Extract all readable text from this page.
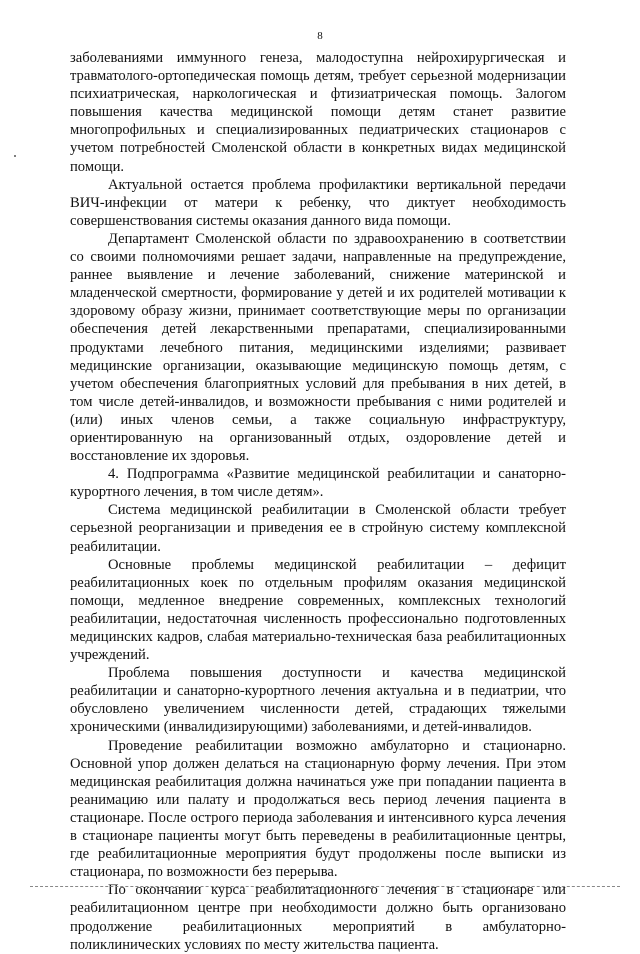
8

заболеваниями иммунного генеза, малодоступна нейрохирургическая и травматолого-ортопедическая помощь детям, требует серьезной модернизации психиатрическая, наркологическая и фтизиатрическая помощь. Залогом повышения качества медицинской помощи детям станет развитие многопрофильных и специализированных педиатрических стационаров с учетом потребностей Смоленской области в конкретных видах медицинской помощи.

Актуальной остается проблема профилактики вертикальной передачи ВИЧ-инфекции от матери к ребенку, что диктует необходимость совершенствования системы оказания данного вида помощи.

Департамент Смоленской области по здравоохранению в соответствии со своими полномочиями решает задачи, направленные на предупреждение, раннее выявление и лечение заболеваний, снижение материнской и младенческой смертности, формирование у детей и их родителей мотивации к здоровому образу жизни, принимает соответствующие меры по организации обеспечения детей лекарственными препаратами, специализированными продуктами лечебного питания, медицинскими изделиями; развивает медицинские организации, оказывающие медицинскую помощь детям, с учетом обеспечения благоприятных условий для пребывания в них детей, в том числе детей-инвалидов, и возможности пребывания с ними родителей и (или) иных членов семьи, а также социальную инфраструктуру, ориентированную на организованный отдых, оздоровление детей и восстановление их здоровья.

4. Подпрограмма «Развитие медицинской реабилитации и санаторно-курортного лечения, в том числе детям».

Система медицинской реабилитации в Смоленской области требует серьезной реорганизации и приведения ее в стройную систему комплексной реабилитации.

Основные проблемы медицинской реабилитации – дефицит реабилитационных коек по отдельным профилям оказания медицинской помощи, медленное внедрение современных, комплексных технологий реабилитации, недостаточная численность профессионально подготовленных медицинских кадров, слабая материально-техническая база реабилитационных учреждений.

Проблема повышения доступности и качества медицинской реабилитации и санаторно-курортного лечения актуальна и в педиатрии, что обусловлено увеличением численности детей, страдающих тяжелыми хроническими (инвалидизирующими) заболеваниями, и детей-инвалидов.

Проведение реабилитации возможно амбулаторно и стационарно. Основной упор должен делаться на стационарную форму лечения. При этом медицинская реабилитация должна начинаться уже при попадании пациента в реанимацию или палату и продолжаться весь период лечения пациента в стационаре. После острого периода заболевания и интенсивного курса лечения в стационаре пациенты могут быть переведены в реабилитационные центры, где реабилитационные мероприятия будут продолжены после выписки из стационара, по возможности без перерыва.

По окончании курса реабилитационного лечения в стационаре или реабилитационном центре при необходимости должно быть организовано продолжение реабилитационных мероприятий в амбулаторно-поликлинических условиях по месту жительства пациента.
